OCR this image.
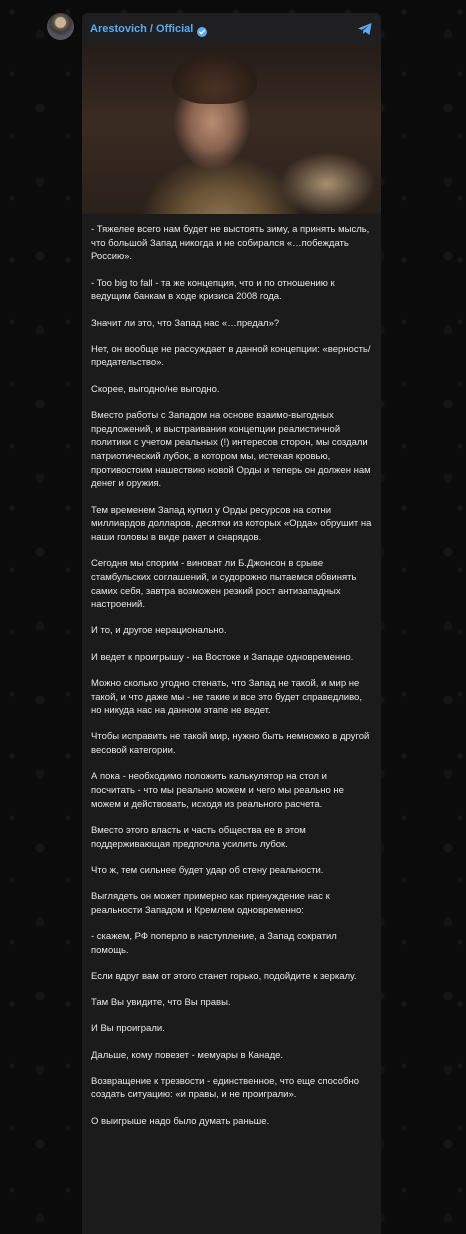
Arestovich / Official

- Тяжелее всего нам будет не выстоять зиму, а принять мысль, что большой Запад никогда и не собирался «…побеждать Россию».

- Too big to fall - та же концепция, что и по отношению к ведущим банкам в ходе кризиса 2008 года.

Значит ли это, что Запад нас «…предал»?

Нет, он вообще не рассуждает в данной концепции: «верность/предательство».

Скорее, выгодно/не выгодно.

Вместо работы с Западом на основе взаимо-выгодных предложений, и выстраивания концепции реалистичной политики с учетом реальных (!) интересов сторон, мы создали патриотический лубок, в котором мы, истекая кровью, противостоим нашествию новой Орды и теперь он должен нам денег и оружия.

Тем временем Запад купил у Орды ресурсов на сотни миллиардов долларов, десятки из которых «Орда» обрушит на наши головы в виде ракет и снарядов.

Сегодня мы спорим - виноват ли Б.Джонсон в срыве стамбульских соглашений, и судорожно пытаемся обвинять самих себя, завтра возможен резкий рост антизападных настроений.

И то, и другое нерационально.

И ведет к проигрышу - на Востоке и Западе одновременно.

Можно сколько угодно стенать, что Запад не такой, и мир не такой, и что даже мы - не такие и все это будет справедливо, но никуда нас на данном этапе не ведет.

Чтобы исправить не такой мир, нужно быть немножко в другой весовой категории.

А пока - необходимо положить калькулятор на стол и посчитать - что мы реально можем и чего мы реально не можем и действовать, исходя из реального расчета.

Вместо этого власть и часть общества ее в этом поддерживающая предпочла усилить лубок.

Что ж, тем сильнее будет удар об стену реальности.

Выглядеть он может примерно как принуждение нас к реальности Западом и Кремлем одновременно:

- скажем, РФ поперло в наступление, а Запад сократил помощь.

Если вдруг вам от этого станет горько, подойдите к зеркалу.

Там Вы увидите, что Вы правы.

И Вы проиграли.

Дальше, кому повезет - мемуары в Канаде.

Возвращение к трезвости - единственное, что еще способно создать ситуацию: «и правы, и не проиграли».

О выигрыше надо было думать раньше.
